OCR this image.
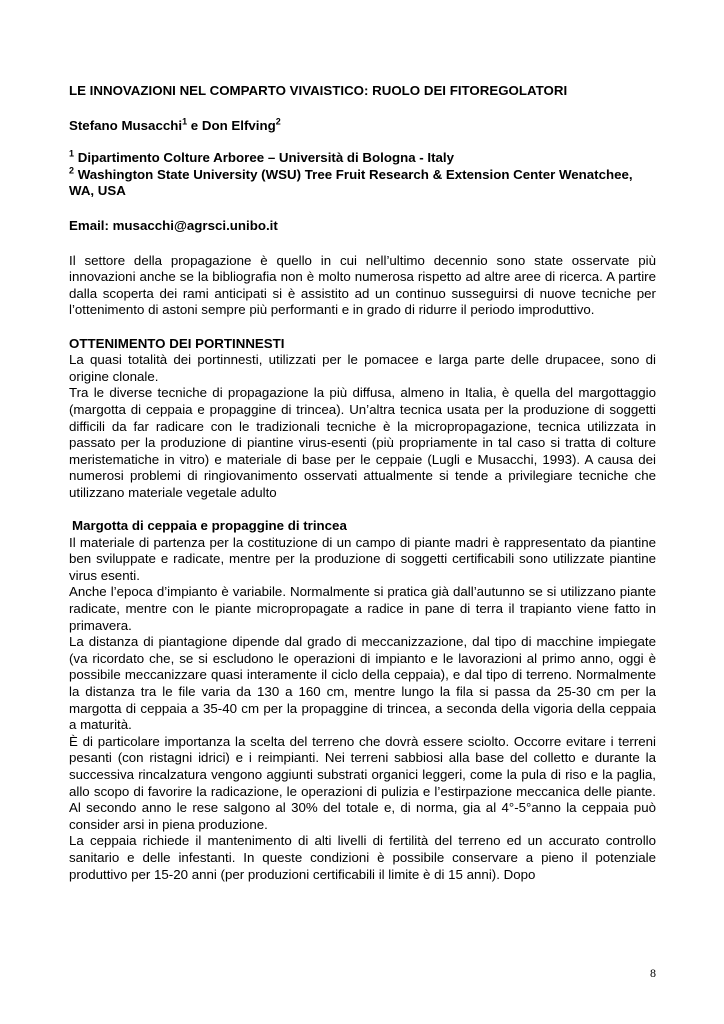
LE INNOVAZIONI NEL COMPARTO VIVAISTICO: RUOLO DEI FITOREGOLATORI
Stefano Musacchi$^1$ e Don Elfving$^2$
$^1$ Dipartimento Colture Arboree – Università di Bologna - Italy
$^2$ Washington State University (WSU) Tree Fruit Research & Extension Center Wenatchee, WA, USA
Email: musacchi@agrsci.unibo.it

Il settore della propagazione è quello in cui nell’ultimo decennio sono state osservate più innovazioni anche se la bibliografia non è molto numerosa rispetto ad altre aree di ricerca. A partire dalla scoperta dei rami anticipati si è assistito ad un continuo susseguirsi di nuove tecniche per l’ottenimento di astoni sempre più performanti e in grado di ridurre il periodo improduttivo.

OTTENIMENTO DEI PORTINNESTI

La quasi totalità dei portinnesti, utilizzati per le pomacee e larga parte delle drupacee, sono di origine clonale.

Tra le diverse tecniche di propagazione la più diffusa, almeno in Italia, è quella del margottaggio (margotta di ceppaia e propaggine di trincea). Un’altra tecnica usata per la produzione di soggetti difficili da far radicare con le tradizionali tecniche è la micropropagazione, tecnica utilizzata in passato per la produzione di piantine virus-esenti (più propriamente in tal caso si tratta di colture meristematiche in vitro) e materiale di base per le ceppaie (Lugli e Musacchi, 1993). A causa dei numerosi problemi di ringiovanimento osservati attualmente si tende a privilegiare tecniche che utilizzano materiale vegetale adulto

Margotta di ceppaia e propaggine di trincea

Il materiale di partenza per la costituzione di un campo di piante madri è rappresentato da piantine ben sviluppate e radicate, mentre per la produzione di soggetti certificabili sono utilizzate piantine virus esenti.

Anche l’epoca d’impianto è variabile. Normalmente si pratica già dall’autunno se si utilizzano piante radicate, mentre con le piante micropropagate a radice in pane di terra il trapianto viene fatto in primavera.

La distanza di piantagione dipende dal grado di meccanizzazione, dal tipo di macchine impiegate (va ricordato che, se si escludono le operazioni di impianto e le lavorazioni al primo anno, oggi è possibile meccanizzare quasi interamente il ciclo della ceppaia), e dal tipo di terreno. Normalmente la distanza tra le file varia da 130 a 160 cm, mentre lungo la fila si passa da 25-30 cm per la margotta di ceppaia a 35-40 cm per la propaggine di trincea, a seconda della vigoria della ceppaia a maturità.

È di particolare importanza la scelta del terreno che dovrà essere sciolto. Occorre evitare i terreni pesanti (con ristagni idrici) e i reimpianti. Nei terreni sabbiosi alla base del colletto e durante la successiva rincalzatura vengono aggiunti substrati organici leggeri, come la pula di riso e la paglia, allo scopo di favorire la radicazione, le operazioni di pulizia e l’estirpazione meccanica delle piante. Al secondo anno le rese salgono al 30% del totale e, di norma, gia al 4°-5°anno la ceppaia può consider arsi in piena produzione.

La ceppaia richiede il mantenimento di alti livelli di fertilità del terreno ed un accurato controllo sanitario e delle infestanti. In queste condizioni è possibile conservare a pieno il potenziale produttivo per 15-20 anni (per produzioni certificabili il limite è di 15 anni). Dopo

8
